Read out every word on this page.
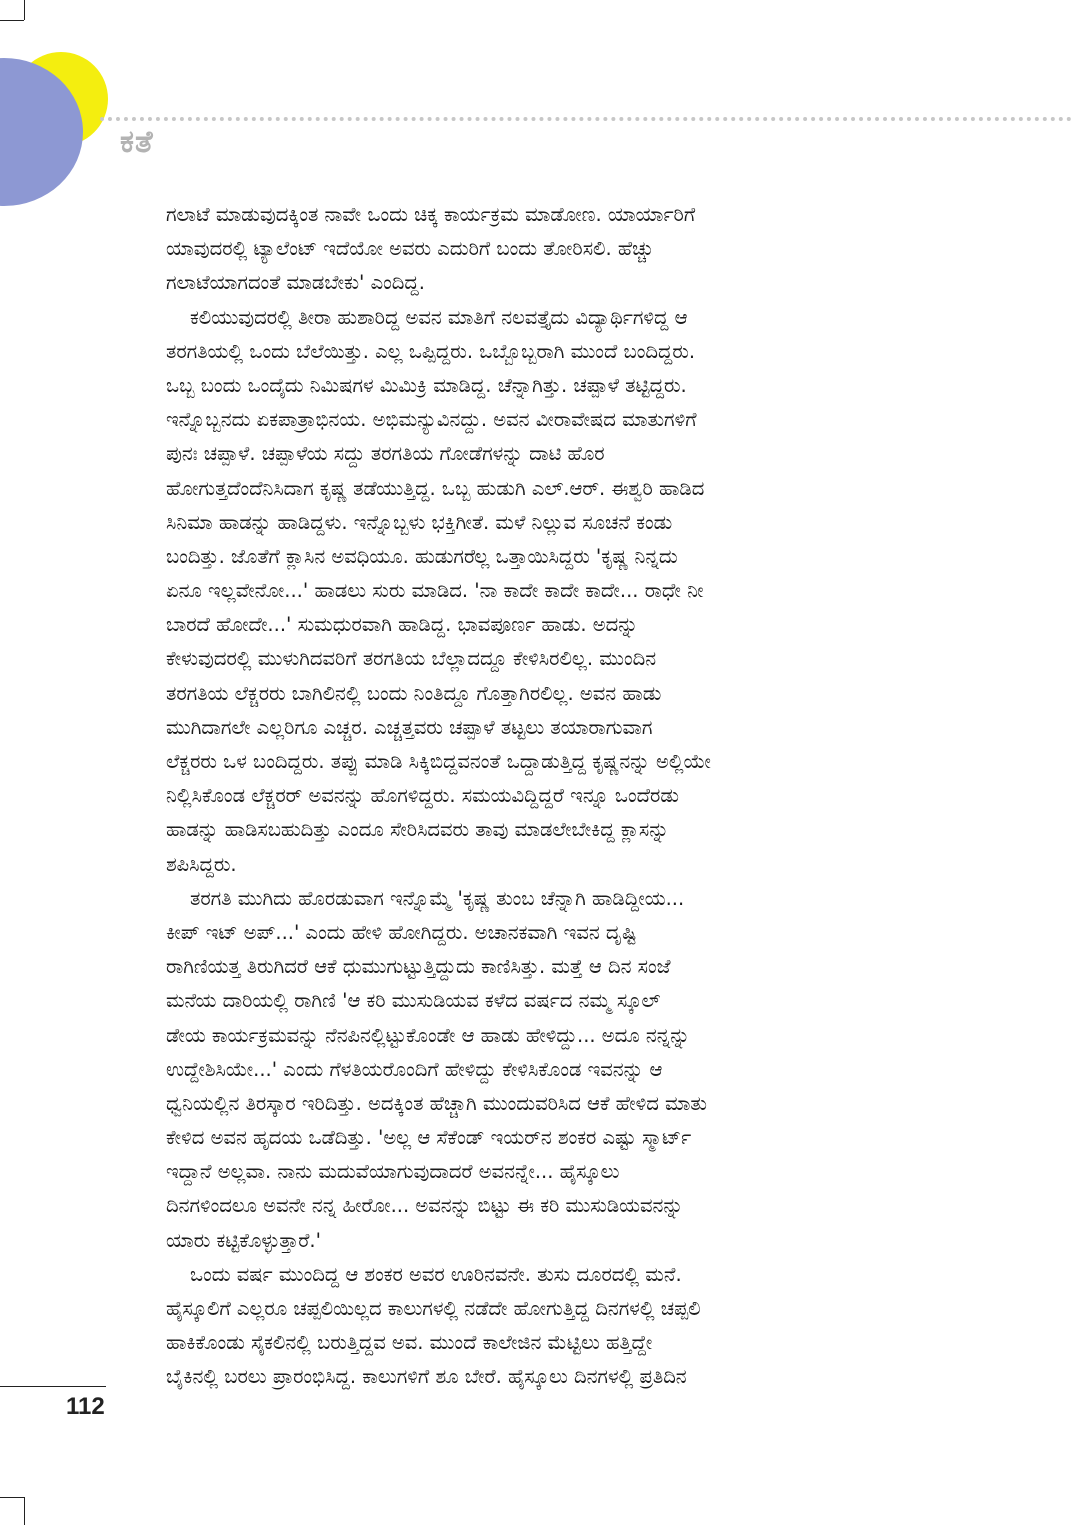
ಕತೆ
ಗಲಾಟೆ ಮಾಡುವುದಕ್ಕಿಂತ ನಾವೇ ಒಂದು ಚಿಕ್ಕ ಕಾರ್ಯಕ್ರಮ ಮಾಡೋಣ. ಯಾರ್ಯಾರಿಗೆ
ಯಾವುದರಲ್ಲಿ ಟ್ಯಾಲೆಂಟ್ ಇದೆಯೋ ಅವರು ಎದುರಿಗೆ ಬಂದು ತೋರಿಸಲಿ. ಹೆಚ್ಚು
ಗಲಾಟೆಯಾಗದಂತೆ ಮಾಡಬೇಕು' ಎಂದಿದ್ದ.
ಕಲಿಯುವುದರಲ್ಲಿ ತೀರಾ ಹುಶಾರಿದ್ದ ಅವನ ಮಾತಿಗೆ ನಲವತ್ತೈದು ವಿದ್ಯಾರ್ಥಿಗಳಿದ್ದ ಆ
ತರಗತಿಯಲ್ಲಿ ಒಂದು ಬೆಲೆಯಿತ್ತು. ಎಲ್ಲ ಒಪ್ಪಿದ್ದರು. ಒಬ್ಬೊಬ್ಬರಾಗಿ ಮುಂದೆ ಬಂದಿದ್ದರು.
ಒಬ್ಬ ಬಂದು ಒಂದೈದು ನಿಮಿಷಗಳ ಮಿಮಿಕ್ರಿ ಮಾಡಿದ್ದ. ಚೆನ್ನಾಗಿತ್ತು. ಚಪ್ಪಾಳೆ ತಟ್ಟಿದ್ದರು.
ಇನ್ನೊಬ್ಬನದು ಏಕಪಾತ್ರಾಭಿನಯ. ಅಭಿಮನ್ಯುವಿನದ್ದು. ಅವನ ವೀರಾವೇಷದ ಮಾತುಗಳಿಗೆ
ಪುನಃ ಚಪ್ಪಾಳೆ. ಚಪ್ಪಾಳೆಯ ಸದ್ದು ತರಗತಿಯ ಗೋಡೆಗಳನ್ನು ದಾಟಿ ಹೊರ
ಹೋಗುತ್ತದೆಂದೆನಿಸಿದಾಗ ಕೃಷ್ಣ ತಡೆಯುತ್ತಿದ್ದ. ಒಬ್ಬ ಹುಡುಗಿ ಎಲ್.ಆರ್. ಈಶ್ವರಿ ಹಾಡಿದ
ಸಿನಿಮಾ ಹಾಡನ್ನು ಹಾಡಿದ್ದಳು. ಇನ್ನೊಬ್ಬಳು ಭಕ್ತಿಗೀತೆ. ಮಳೆ ನಿಲ್ಲುವ ಸೂಚನೆ ಕಂಡು
ಬಂದಿತ್ತು. ಜೊತೆಗೆ ಕ್ಲಾಸಿನ ಅವಧಿಯೂ. ಹುಡುಗರೆಲ್ಲ ಒತ್ತಾಯಿಸಿದ್ದರು 'ಕೃಷ್ಣ ನಿನ್ನದು
ಏನೂ ಇಲ್ಲವೇನೋ...' ಹಾಡಲು ಸುರು ಮಾಡಿದ. 'ನಾ ಕಾದೇ ಕಾದೇ ಕಾದೇ... ರಾಧೇ ನೀ
ಬಾರದೆ ಹೋದೇ...' ಸುಮಧುರವಾಗಿ ಹಾಡಿದ್ದ. ಭಾವಪೂರ್ಣ ಹಾಡು. ಅದನ್ನು
ಕೇಳುವುದರಲ್ಲಿ ಮುಳುಗಿದವರಿಗೆ ತರಗತಿಯ ಬೆಲ್ಲಾದದ್ದೂ ಕೇಳಿಸಿರಲಿಲ್ಲ. ಮುಂದಿನ
ತರಗತಿಯ ಲೆಕ್ಚರರು ಬಾಗಿಲಿನಲ್ಲಿ ಬಂದು ನಿಂತಿದ್ದೂ ಗೊತ್ತಾಗಿರಲಿಲ್ಲ. ಅವನ ಹಾಡು
ಮುಗಿದಾಗಲೇ ಎಲ್ಲರಿಗೂ ಎಚ್ಚರ. ಎಚ್ಚತ್ತವರು ಚಪ್ಪಾಳೆ ತಟ್ಟಲು ತಯಾರಾಗುವಾಗ
ಲೆಕ್ಚರರು ಒಳ ಬಂದಿದ್ದರು. ತಪ್ಪು ಮಾಡಿ ಸಿಕ್ಕಿಬಿದ್ದವನಂತೆ ಒದ್ದಾಡುತ್ತಿದ್ದ ಕೃಷ್ಣನನ್ನು ಅಲ್ಲಿಯೇ
ನಿಲ್ಲಿಸಿಕೊಂಡ ಲೆಕ್ಚರರ್ ಅವನನ್ನು ಹೊಗಳಿದ್ದರು. ಸಮಯವಿದ್ದಿದ್ದರೆ ಇನ್ನೂ ಒಂದೆರಡು
ಹಾಡನ್ನು ಹಾಡಿಸಬಹುದಿತ್ತು ಎಂದೂ ಸೇರಿಸಿದವರು ತಾವು ಮಾಡಲೇಬೇಕಿದ್ದ ಕ್ಲಾಸನ್ನು
ಶಪಿಸಿದ್ದರು.
ತರಗತಿ ಮುಗಿದು ಹೊರಡುವಾಗ ಇನ್ನೊಮ್ಮೆ 'ಕೃಷ್ಣ ತುಂಬ ಚೆನ್ನಾಗಿ ಹಾಡಿದ್ದೀಯ...
ಕೀಪ್ ಇಟ್ ಅಪ್...' ಎಂದು ಹೇಳಿ ಹೋಗಿದ್ದರು. ಅಚಾನಕವಾಗಿ ಇವನ ದೃಷ್ಟಿ
ರಾಗಿಣಿಯತ್ತ ತಿರುಗಿದರೆ ಆಕೆ ಧುಮುಗುಟ್ಟುತ್ತಿದ್ದುದು ಕಾಣಿಸಿತ್ತು. ಮತ್ತೆ ಆ ದಿನ ಸಂಜೆ
ಮನೆಯ ದಾರಿಯಲ್ಲಿ ರಾಗಿಣಿ 'ಆ ಕರಿ ಮುಸುಡಿಯವ ಕಳೆದ ವರ್ಷದ ನಮ್ಮ ಸ್ಕೂಲ್
ಡೇಯ ಕಾರ್ಯಕ್ರಮವನ್ನು ನೆನಪಿನಲ್ಲಿಟ್ಟುಕೊಂಡೇ ಆ ಹಾಡು ಹೇಳಿದ್ದು... ಅದೂ ನನ್ನನ್ನು
ಉದ್ದೇಶಿಸಿಯೇ...' ಎಂದು ಗೆಳತಿಯರೊಂದಿಗೆ ಹೇಳಿದ್ದು ಕೇಳಿಸಿಕೊಂಡ ಇವನನ್ನು ಆ
ಧ್ವನಿಯಲ್ಲಿನ ತಿರಸ್ಕಾರ ಇರಿದಿತ್ತು. ಅದಕ್ಕಿಂತ ಹೆಚ್ಚಾಗಿ ಮುಂದುವರಿಸಿದ ಆಕೆ ಹೇಳಿದ ಮಾತು
ಕೇಳಿದ ಅವನ ಹೃದಯ ಒಡೆದಿತ್ತು. 'ಅಲ್ಲ ಆ ಸೆಕೆಂಡ್ ಇಯರ್‌ನ ಶಂಕರ ಎಷ್ಟು ಸ್ಮಾರ್ಟ್
ಇದ್ದಾನೆ ಅಲ್ಲವಾ. ನಾನು ಮದುವೆಯಾಗುವುದಾದರೆ ಅವನನ್ನೇ... ಹೈಸ್ಕೂಲು
ದಿನಗಳಿಂದಲೂ ಅವನೇ ನನ್ನ ಹೀರೋ... ಅವನನ್ನು ಬಿಟ್ಟು ಈ ಕರಿ ಮುಸುಡಿಯವನನ್ನು
ಯಾರು ಕಟ್ಟಿಕೊಳ್ಳುತ್ತಾರೆ.'
ಒಂದು ವರ್ಷ ಮುಂದಿದ್ದ ಆ ಶಂಕರ ಅವರ ಊರಿನವನೇ. ತುಸು ದೂರದಲ್ಲಿ ಮನೆ.
ಹೈಸ್ಕೂಲಿಗೆ ಎಲ್ಲರೂ ಚಪ್ಪಲಿಯಿಲ್ಲದ ಕಾಲುಗಳಲ್ಲಿ ನಡೆದೇ ಹೋಗುತ್ತಿದ್ದ ದಿನಗಳಲ್ಲಿ ಚಪ್ಪಲಿ
ಹಾಕಿಕೊಂಡು ಸೈಕಲಿನಲ್ಲಿ ಬರುತ್ತಿದ್ದವ ಅವ. ಮುಂದೆ ಕಾಲೇಜಿನ ಮೆಟ್ಟಿಲು ಹತ್ತಿದ್ದೇ
ಬೈಕಿನಲ್ಲಿ ಬರಲು ಪ್ರಾರಂಭಿಸಿದ್ದ. ಕಾಲುಗಳಿಗೆ ಶೂ ಬೇರೆ. ಹೈಸ್ಕೂಲು ದಿನಗಳಲ್ಲಿ ಪ್ರತಿದಿನ
112
